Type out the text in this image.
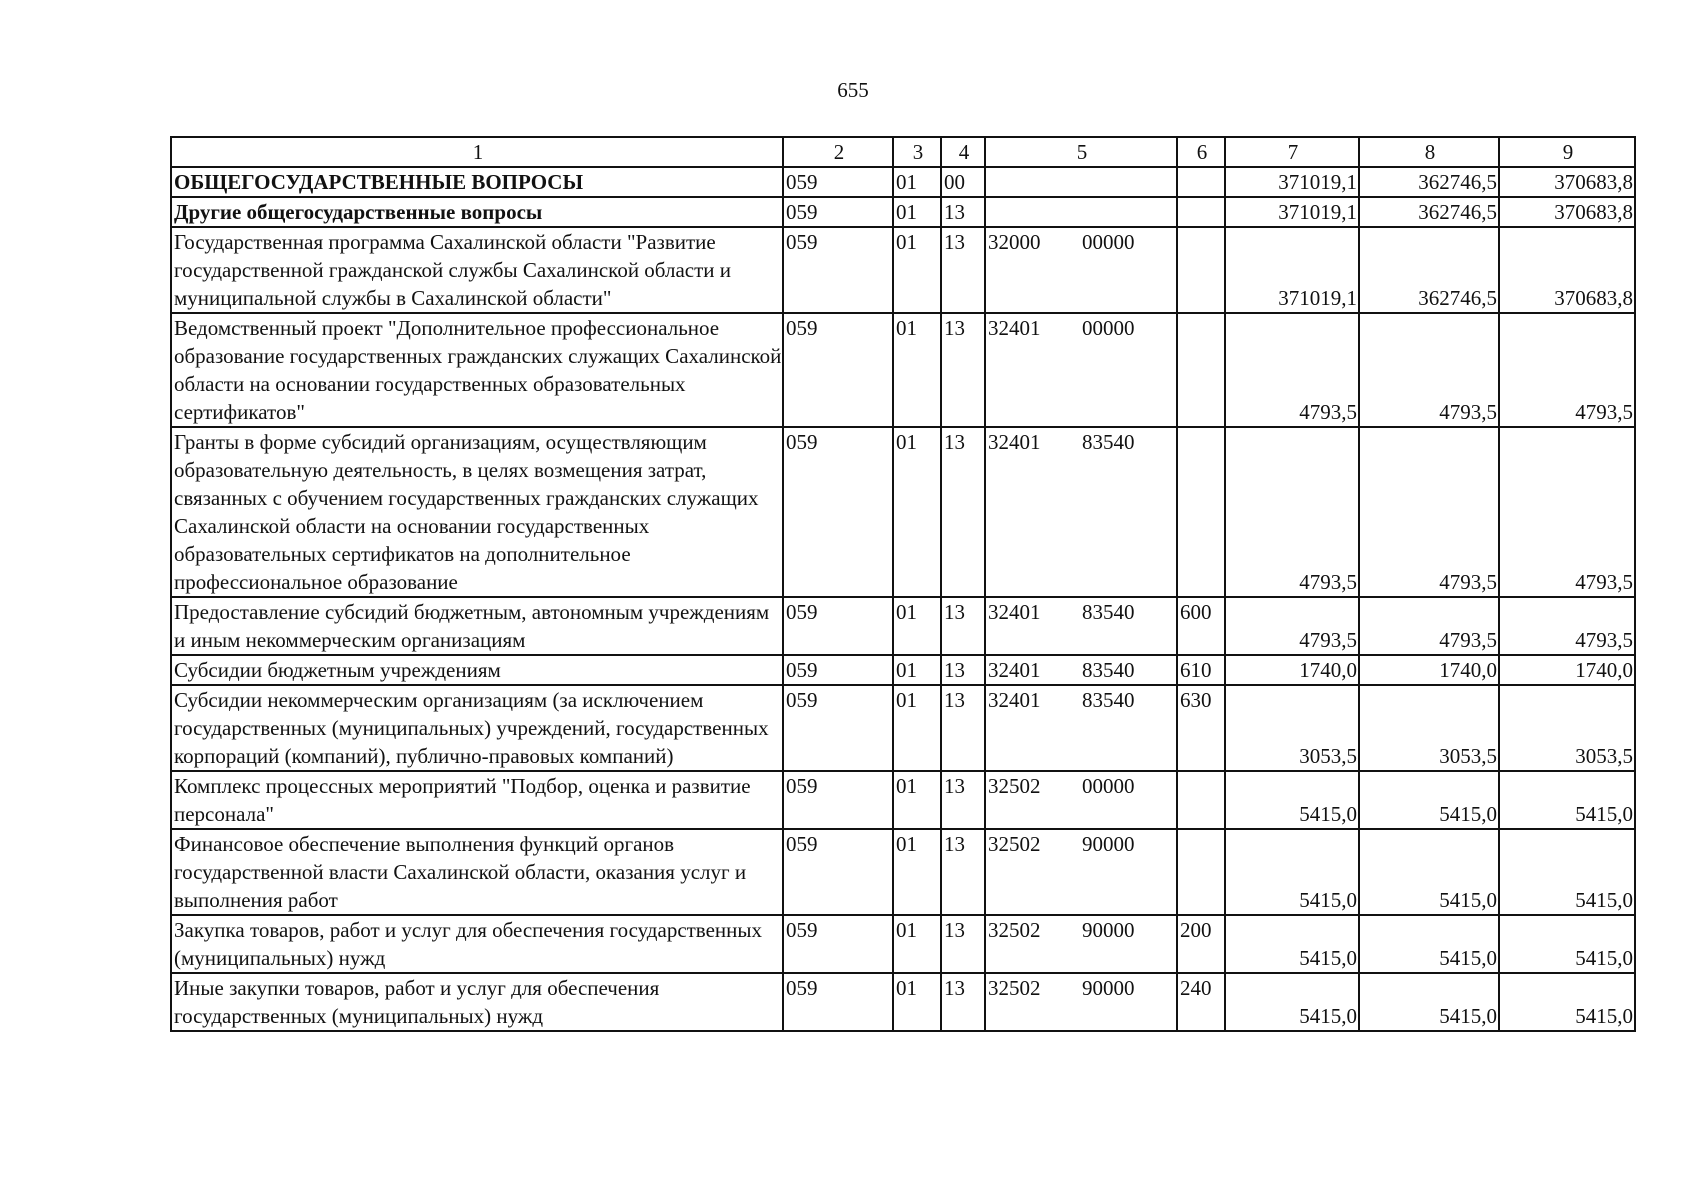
655
1	2	3	4	5	6	7	8	9
ОБЩЕГОСУДАРСТВЕННЫЕ ВОПРОСЫ	059	01	00			371019,1	362746,5	370683,8
Другие общегосударственные вопросы	059	01	13			371019,1	362746,5	370683,8
Государственная программа Сахалинской области "Развитие государственной гражданской службы Сахалинской области и муниципальной службы в Сахалинской области"	059	01	13	32000 00000		371019,1	362746,5	370683,8
Ведомственный проект "Дополнительное профессиональное образование государственных гражданских служащих Сахалинской области на основании государственных образовательных сертификатов"	059	01	13	32401 00000		4793,5	4793,5	4793,5
Гранты в форме субсидий организациям, осуществляющим образовательную деятельность, в целях возмещения затрат, связанных с обучением государственных гражданских служащих Сахалинской области на основании государственных образовательных сертификатов на дополнительное профессиональное образование	059	01	13	32401 83540		4793,5	4793,5	4793,5
Предоставление субсидий бюджетным, автономным учреждениям и иным некоммерческим организациям	059	01	13	32401 83540	600	4793,5	4793,5	4793,5
Субсидии бюджетным учреждениям	059	01	13	32401 83540	610	1740,0	1740,0	1740,0
Субсидии некоммерческим организациям (за исключением государственных (муниципальных) учреждений, государственных корпораций (компаний), публично-правовых компаний)	059	01	13	32401 83540	630	3053,5	3053,5	3053,5
Комплекс процессных мероприятий "Подбор, оценка и развитие персонала"	059	01	13	32502 00000		5415,0	5415,0	5415,0
Финансовое обеспечение выполнения функций органов государственной власти Сахалинской области, оказания услуг и выполнения работ	059	01	13	32502 90000		5415,0	5415,0	5415,0
Закупка товаров, работ и услуг для обеспечения государственных (муниципальных) нужд	059	01	13	32502 90000	200	5415,0	5415,0	5415,0
Иные закупки товаров, работ и услуг для обеспечения государственных (муниципальных) нужд	059	01	13	32502 90000	240	5415,0	5415,0	5415,0
